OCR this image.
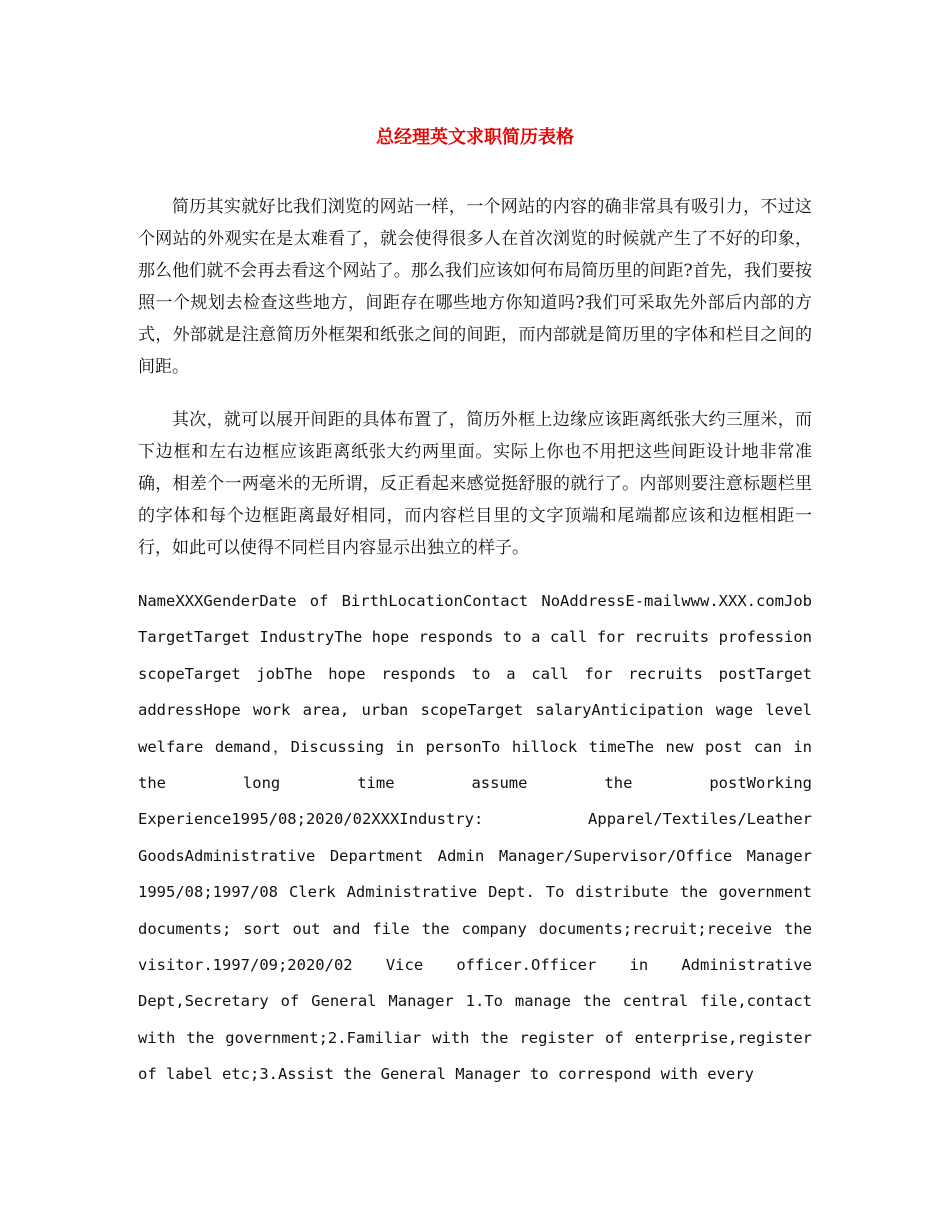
总经理英文求职简历表格

简历其实就好比我们浏览的网站一样，一个网站的内容的确非常具有吸引力，不过这个网站的外观实在是太难看了，就会使得很多人在首次浏览的时候就产生了不好的印象，那么他们就不会再去看这个网站了。那么我们应该如何布局简历里的间距?首先，我们要按照一个规划去检查这些地方，间距存在哪些地方你知道吗?我们可采取先外部后内部的方式，外部就是注意简历外框架和纸张之间的间距，而内部就是简历里的字体和栏目之间的间距。

其次，就可以展开间距的具体布置了，简历外框上边缘应该距离纸张大约三厘米，而下边框和左右边框应该距离纸张大约两里面。实际上你也不用把这些间距设计地非常准确，相差个一两毫米的无所谓，反正看起来感觉挺舒服的就行了。内部则要注意标题栏里的字体和每个边框距离最好相同，而内容栏目里的文字顶端和尾端都应该和边框相距一行，如此可以使得不同栏目内容显示出独立的样子。

NameXXXGenderDate of BirthLocationContact NoAddressE-mailwww.XXX.comJob TargetTarget IndustryThe hope responds to a call for recruits profession scopeTarget jobThe hope responds to a call for recruits postTarget addressHope work area, urban scopeTarget salaryAnticipation wage level welfare demand，Discussing in personTo hillock timeThe new post can in the long time assume the postWorking Experience1995/08;2020/02XXXIndustry: Apparel/Textiles/Leather GoodsAdministrative Department Admin Manager/Supervisor/Office Manager 1995/08;1997/08 Clerk Administrative Dept. To distribute the government documents; sort out and file the company documents;recruit;receive the visitor.1997/09;2020/02 Vice officer.Officer in Administrative Dept,Secretary of General Manager 1.To manage the central file,contact with the government;2.Familiar with the register of enterprise,register of label etc;3.Assist the General Manager to correspond with every
